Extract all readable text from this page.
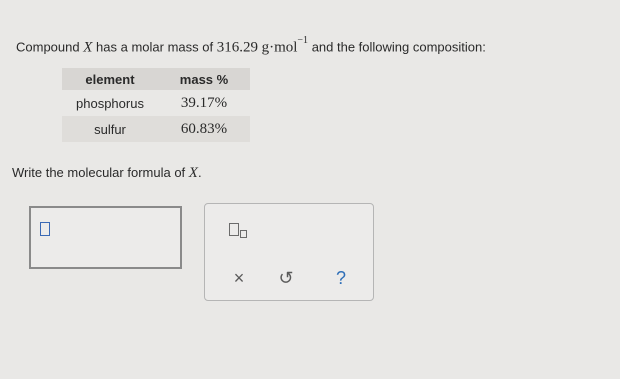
Compound X has a molar mass of 316.29 g·mol$^{-1}$ and the following composition:
element	mass %
phosphorus	39.17%
sulfur	60.83%
Write the molecular formula of X.
×	↺	?
